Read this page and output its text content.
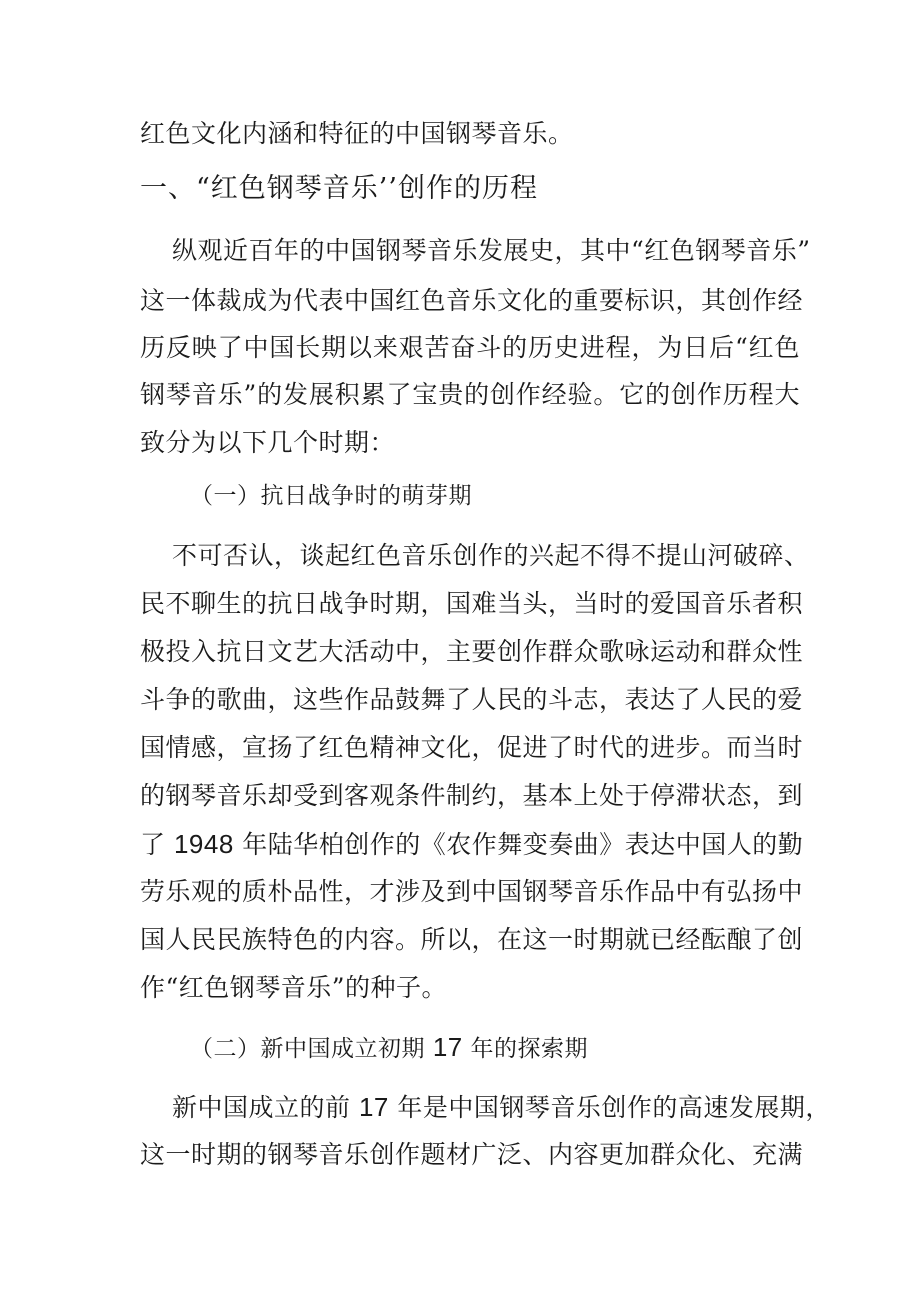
红色文化内涵和特征的中国钢琴音乐。
一、“红色钢琴音乐’’创作的历程
纵观近百年的中国钢琴音乐发展史，其中“红色钢琴音乐”
这一体裁成为代表中国红色音乐文化的重要标识，其创作经
历反映了中国长期以来艰苦奋斗的历史进程，为日后“红色
钢琴音乐”的发展积累了宝贵的创作经验。它的创作历程大
致分为以下几个时期：
（一）抗日战争时的萌芽期
不可否认，谈起红色音乐创作的兴起不得不提山河破碎、
民不聊生的抗日战争时期，国难当头，当时的爱国音乐者积
极投入抗日文艺大活动中，主要创作群众歌咏运动和群众性
斗争的歌曲，这些作品鼓舞了人民的斗志，表达了人民的爱
国情感，宣扬了红色精神文化，促进了时代的进步。而当时
的钢琴音乐却受到客观条件制约，基本上处于停滞状态，到
了 1948 年陆华柏创作的《农作舞变奏曲》表达中国人的勤
劳乐观的质朴品性，才涉及到中国钢琴音乐作品中有弘扬中
国人民民族特色的内容。所以，在这一时期就已经酝酿了创
作“红色钢琴音乐”的种子。
（二）新中国成立初期 17 年的探索期
新中国成立的前 17 年是中国钢琴音乐创作的高速发展期，
这一时期的钢琴音乐创作题材广泛、内容更加群众化、充满
